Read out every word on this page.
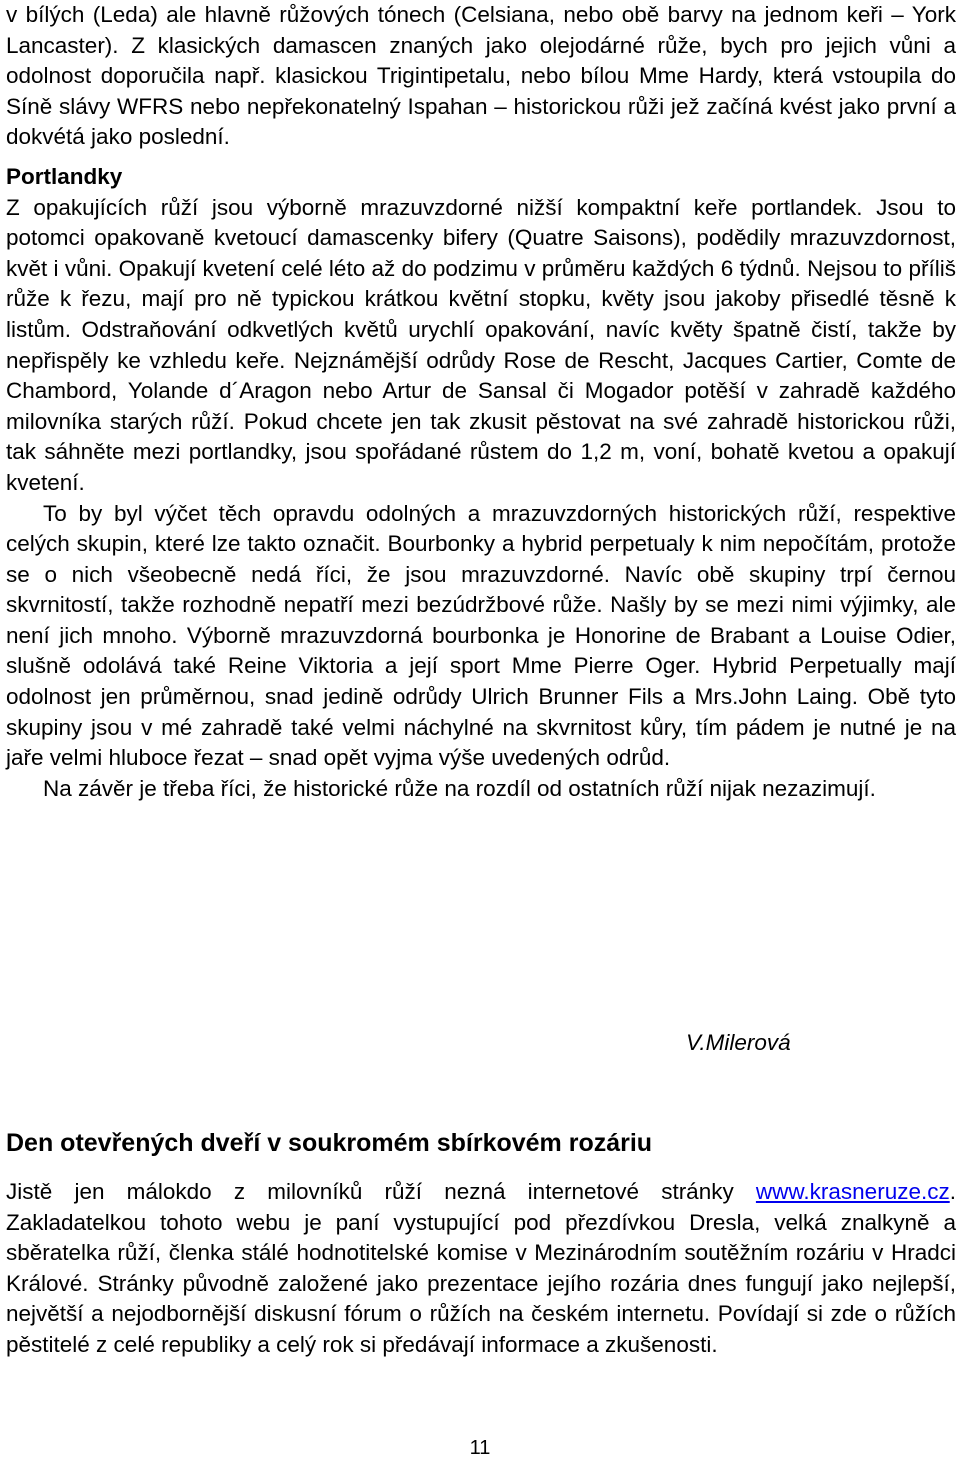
v bílých (Leda) ale hlavně růžových tónech (Celsiana, nebo obě barvy na jednom keři – York Lancaster). Z klasických damascen znaných jako olejodárné růže, bych pro jejich vůni a odolnost doporučila např. klasickou Trigintipetalu, nebo bílou Mme Hardy, která vstoupila do Síně slávy WFRS nebo nepřekonatelný Ispahan – historickou růži jež začíná kvést jako první a dokvétá jako poslední.

Portlandky

Z opakujících růží jsou výborně mrazuvzdorné nižší kompaktní keře portlandek. Jsou to potomci opakovaně kvetoucí damascenky bifery (Quatre Saisons), podědily mrazuvzdornost, květ i vůni. Opakují kvetení celé léto až do podzimu v průměru každých 6 týdnů. Nejsou to příliš růže k řezu, mají pro ně typickou krátkou květní stopku, květy jsou jakoby přisedlé těsně k listům. Odstraňování odkvetlých květů urychlí opakování, navíc květy špatně čistí, takže by nepřispěly ke vzhledu keře. Nejznámější odrůdy Rose de Rescht, Jacques Cartier, Comte de Chambord, Yolande d´Aragon nebo Artur de Sansal či Mogador potěší v zahradě každého milovníka starých růží. Pokud chcete jen tak zkusit pěstovat na své zahradě historickou růži, tak sáhněte mezi portlandky, jsou spořádané růstem do 1,2 m, voní, bohatě kvetou a opakují kvetení.

To by byl výčet těch opravdu odolných a mrazuvzdorných historických růží, respektive celých skupin, které lze takto označit. Bourbonky a hybrid perpetualy k nim nepočítám, protože se o nich všeobecně nedá říci, že jsou mrazuvzdorné. Navíc obě skupiny trpí černou skvrnitostí, takže rozhodně nepatří mezi bezúdržbové růže. Našly by se mezi nimi výjimky, ale není jich mnoho. Výborně mrazuvzdorná bourbonka je Honorine de Brabant a Louise Odier, slušně odolává také Reine Viktoria a její sport Mme Pierre Oger. Hybrid Perpetually mají odolnost jen průměrnou, snad jedině odrůdy Ulrich Brunner Fils a Mrs.John Laing. Obě tyto skupiny jsou v mé zahradě také velmi náchylné na skvrnitost kůry, tím pádem je nutné je na jaře velmi hluboce řezat – snad opět vyjma výše uvedených odrůd.

Na závěr je třeba říci, že historické růže na rozdíl od ostatních růží nijak nezazimují.

V.Milerová
Den otevřených dveří v soukromém sbírkovém rozáriu

Jistě jen málokdo z milovníků růží nezná internetové stránky www.krasneruze.cz. Zakladatelkou tohoto webu je paní vystupující pod přezdívkou Dresla, velká znalkyně a sběratelka růží, členka stálé hodnotitelské komise v Mezinárodním soutěžním rozáriu v Hradci Králové. Stránky původně založené jako prezentace jejího rozária dnes fungují jako nejlepší, největší a nejodbornější diskusní fórum o růžích na českém internetu. Povídají si zde o růžích pěstitelé z celé republiky a celý rok si předávají informace a zkušenosti.

11
